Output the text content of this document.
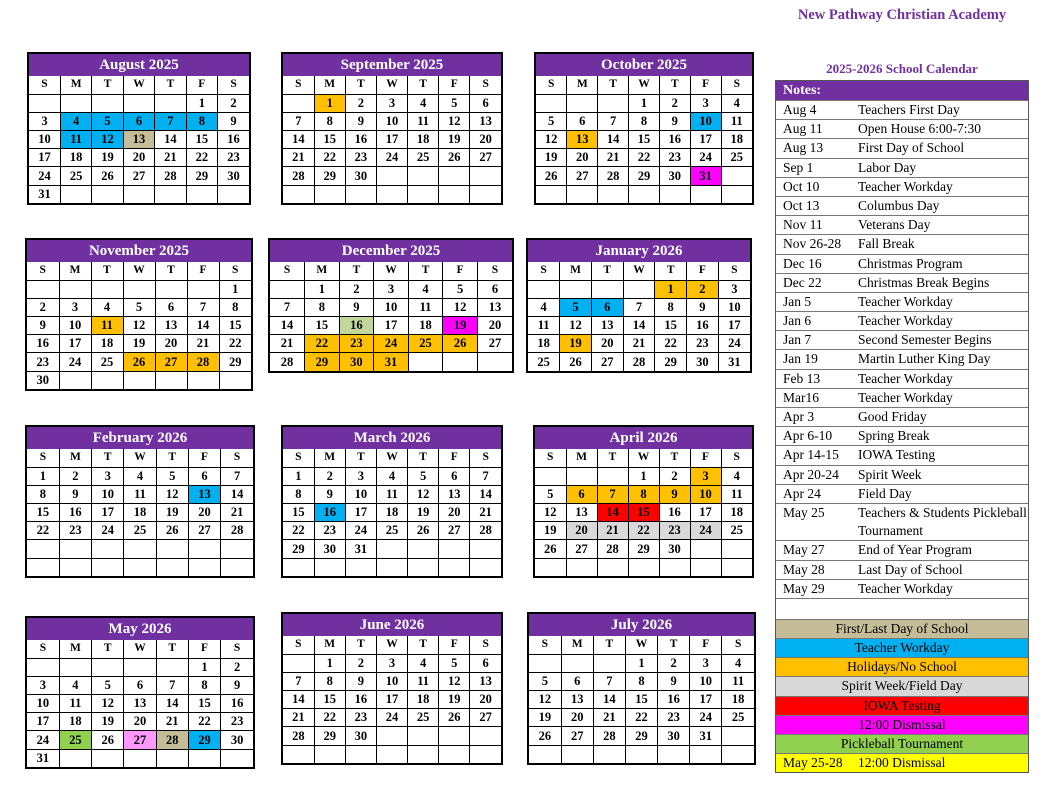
New Pathway Christian Academy
2025-2026 School Calendar
August 2025
S	M	T	W	T	F	S
					1	2
3	4	5	6	7	8	9
10	11	12	13	14	15	16
17	18	19	20	21	22	23
24	25	26	27	28	29	30
31						
September 2025
S	M	T	W	T	F	S
	1	2	3	4	5	6
7	8	9	10	11	12	13
14	15	16	17	18	19	20
21	22	23	24	25	26	27
28	29	30				

October 2025
S	M	T	W	T	F	S
			1	2	3	4
5	6	7	8	9	10	11
12	13	14	15	16	17	18
19	20	21	22	23	24	25
26	27	28	29	30	31	

November 2025
S	M	T	W	T	F	S
						1
2	3	4	5	6	7	8
9	10	11	12	13	14	15
16	17	18	19	20	21	22
23	24	25	26	27	28	29
30						
December 2025
S	M	T	W	T	F	S
	1	2	3	4	5	6
7	8	9	10	11	12	13
14	15	16	17	18	19	20
21	22	23	24	25	26	27
28	29	30	31			
January 2026
S	M	T	W	T	F	S
				1	2	3
4	5	6	7	8	9	10
11	12	13	14	15	16	17
18	19	20	21	22	23	24
25	26	27	28	29	30	31
February 2026
S	M	T	W	T	F	S
1	2	3	4	5	6	7
8	9	10	11	12	13	14
15	16	17	18	19	20	21
22	23	24	25	26	27	28

March 2026
S	M	T	W	T	F	S
1	2	3	4	5	6	7
8	9	10	11	12	13	14
15	16	17	18	19	20	21
22	23	24	25	26	27	28
29	30	31				

April 2026
S	M	T	W	T	F	S
			1	2	3	4
5	6	7	8	9	10	11
12	13	14	15	16	17	18
19	20	21	22	23	24	25
26	27	28	29	30		

May 2026
S	M	T	W	T	F	S
					1	2
3	4	5	6	7	8	9
10	11	12	13	14	15	16
17	18	19	20	21	22	23
24	25	26	27	28	29	30
31						
June 2026
S	M	T	W	T	F	S
	1	2	3	4	5	6
7	8	9	10	11	12	13
14	15	16	17	18	19	20
21	22	23	24	25	26	27
28	29	30				

July 2026
S	M	T	W	T	F	S
			1	2	3	4
5	6	7	8	9	10	11
12	13	14	15	16	17	18
19	20	21	22	23	24	25
26	27	28	29	30	31	

Notes:
Aug 4	Teachers First Day
Aug 11	Open House 6:00-7:30
Aug 13	First Day of School
Sep 1	Labor Day
Oct 10	Teacher Workday
Oct 13	Columbus Day
Nov 11	Veterans Day
Nov 26-28	Fall Break
Dec 16	Christmas Program
Dec 22	Christmas Break Begins
Jan 5	Teacher Workday
Jan 6	Teacher Workday
Jan 7	Second Semester Begins
Jan 19	Martin Luther King Day
Feb 13	Teacher Workday
Mar16	Teacher Workday
Apr 3	Good Friday
Apr 6-10	Spring Break
Apr 14-15	IOWA Testing
Apr 20-24	Spirit Week
Apr 24	Field Day
May 25	Teachers & Students Pickleball Tournament
May 27	End of Year Program
May 28	Last Day of School
May 29	Teacher Workday
First/Last Day of School
Teacher Workday
Holidays/No School
Spirit Week/Field Day
IOWA Testing
12:00 Dismissal
Pickleball Tournament
May 25-28	12:00 Dismissal
